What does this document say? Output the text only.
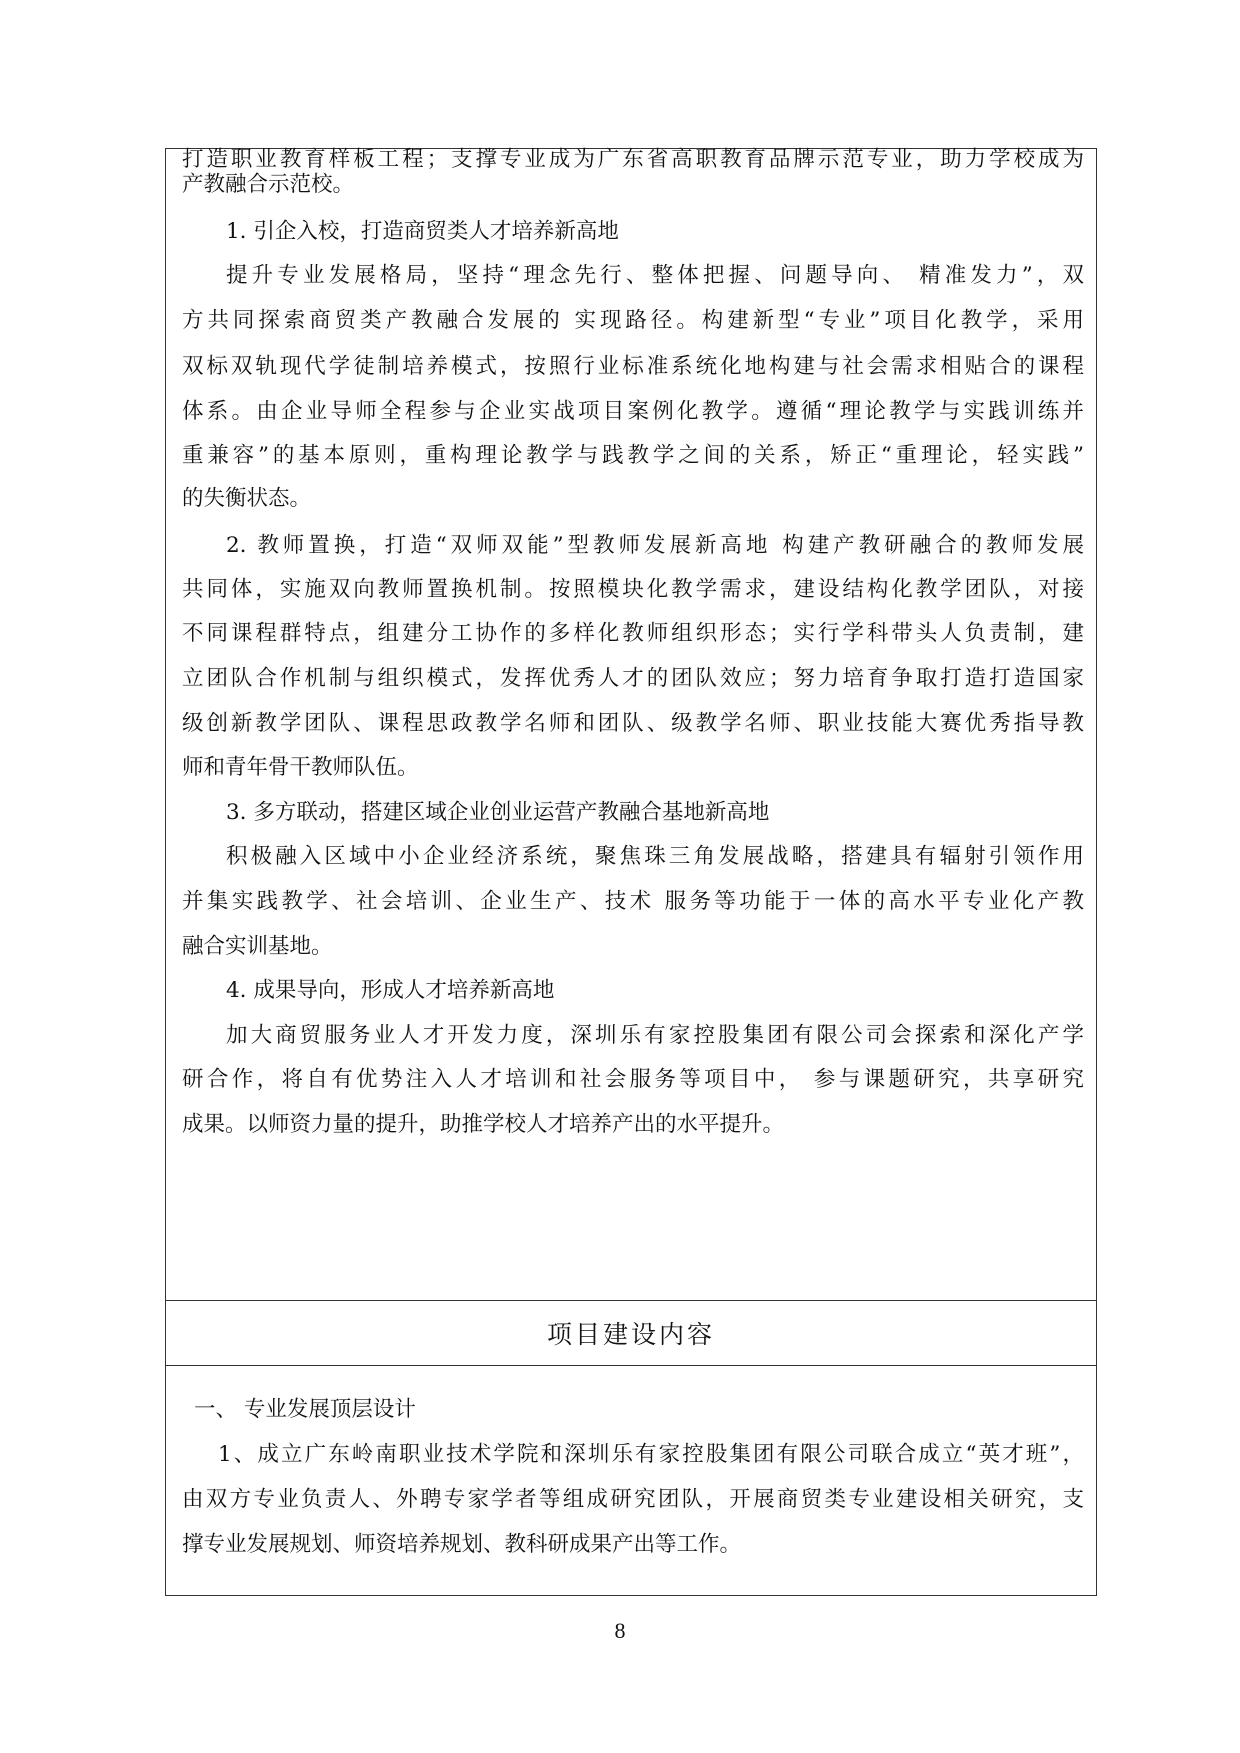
打造职业教育样板工程；支撑专业成为广东省高职教育品牌示范专业，助力学校成为
产教融合示范校。
1. 引企入校，打造商贸类人才培养新高地
提升专业发展格局，坚持“理念先行、整体把握、问题导向、 精准发力”，双
方共同探索商贸类产教融合发展的 实现路径。构建新型“专业”项目化教学，采用
双标双轨现代学徒制培养模式，按照行业标准系统化地构建与社会需求相贴合的课程
体系。由企业导师全程参与企业实战项目案例化教学。遵循“理论教学与实践训练并
重兼容”的基本原则，重构理论教学与践教学之间的关系，矫正“重理论，轻实践”
的失衡状态。
2. 教师置换，打造“双师双能”型教师发展新高地 构建产教研融合的教师发展
共同体，实施双向教师置换机制。按照模块化教学需求，建设结构化教学团队，对接
不同课程群特点，组建分工协作的多样化教师组织形态；实行学科带头人负责制，建
立团队合作机制与组织模式，发挥优秀人才的团队效应；努力培育争取打造打造国家
级创新教学团队、课程思政教学名师和团队、级教学名师、职业技能大赛优秀指导教
师和青年骨干教师队伍。
3. 多方联动，搭建区域企业创业运营产教融合基地新高地
积极融入区域中小企业经济系统，聚焦珠三角发展战略，搭建具有辐射引领作用
并集实践教学、社会培训、企业生产、技术 服务等功能于一体的高水平专业化产教
融合实训基地。
4. 成果导向，形成人才培养新高地
加大商贸服务业人才开发力度，深圳乐有家控股集团有限公司会探索和深化产学
研合作，将自有优势注入人才培训和社会服务等项目中， 参与课题研究，共享研究
成果。以师资力量的提升，助推学校人才培养产出的水平提升。
项目建设内容
一、 专业发展顶层设计
1、成立广东岭南职业技术学院和深圳乐有家控股集团有限公司联合成立“英才班”，
由双方专业负责人、外聘专家学者等组成研究团队，开展商贸类专业建设相关研究，支
撑专业发展规划、师资培养规划、教科研成果产出等工作。
8
